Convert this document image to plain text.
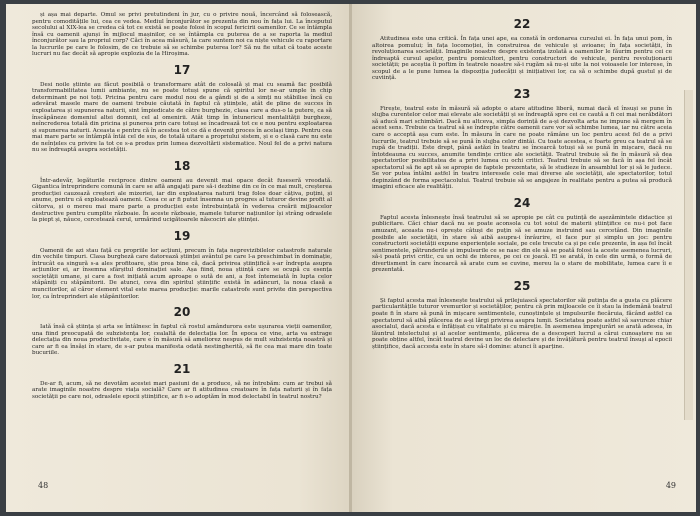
și așa mai departe. Omul se privi pretutindeni în jur, cu o privire nouă, încercând să folosească, pentru comoditățile lui, cea ce vedea. Mediul înconjurător se prezenta din nou în fața lui. La începutul secolului al XIX-lea se credea că tot ce există se poate folosi în scopul fericirii oamenilor. Ce se întâmpla însă cu oamenii ajunși în mijlocul mașinilor, ce se întâmpla cu puterea de a se raporta la mediul înconjurător sau la propriul corp? Căci în acea măsură, la care suntem noi ca niște vehicule cu raportare la lucrurile pe care le folosim, de ce trebuie să se schimbe puterea lor? Să nu fie uitat că toate aceste lucruri nu fac decât să apropie explozia de la Hiroșima.
17
Desi noile știinte au făcut posibilă o transformare atât de colosală și mai cu seamă fac posibilă transformabilitatea lumii ambiante, nu se poate totuși spune că spiritul lor ne-ar umple în chip determinant pe noi toți. Pricina pentru care modul nou de a gândi și de a simți nu stăbilise încă cu adevărat masele mare de oameni trebuie căutată în faptul că științele, atât de pline de succes în exploatarea și supunerea naturii, sint împiedicate de către burghezie, clasa care a dus-o la putere, ca să înscăpăneze domeniul altei domnii, cel al omenirii. Atât timp în întunericul mentalității burgheze, neîncrederea totală din pricina și punerea prin care totuși se încadrează tot ce e nou pentru exploatarea și supunerea naturii. Aceasta e pentru că în acestea tot ce dă e devenit proces în același timp. Pentru cea mai mare parte se întâmplă întâi cel de sus, de totală uitare a propriului sistem, și e o clasă care nu este de neînțeles cu privire la tot ce s-a produs prin lumea dezvoltării sistematice. Noul fel de a privi natura nu se îndreaptă asupra societății.
18
Într-adevăr, legăturile reciproce dintre oameni au devenit mai opace decât fuseseră vreodată. Gigantica întreprindere comună în care se află angajați pare să-i dezbine din ce în ce mai mult, creșterea producției cauzează creșteri ale mizeriei, iar din exploatarea naturii trag folos doar câțiva, puțini, și anume, pentru că exploatează oameni. Ceea ce ar fi putut însemna un progres al tuturor devine profit al câtorva, și o mereu mai mare parte a producției este întrebuințată în vederea creării mijloacelor destructive pentru cumplite războaie. În aceste războaie, mamele tuturor națiunilor își strâng odraslele la piept și, năuce, cercetează cerul, urmărind ucigătoarele născociri ale științei.
19
Oamenii de azi stau față cu propriile lor acțiuni, precum în fața neprevizibilelor catastrofe naturale din vechile timpuri. Clasa burgheză care datorează științei avântul pe care l-a preschimbat în dominație, întrucât ea singură s-a ales profitoare, știe prea bine că, dacă privirea științifică s-ar îndrepta asupra acțiunilor ei, ar însemna sfârșitul dominației sale. Așa fiind, noua știință care se ocupă cu esența societății umane, și care a fost inițiată acum aproape o sută de ani, a fost întemeiată în lupta celor stăpâniți cu stăpânitorii. De atunci, ceva din spiritul științific există în adâncuri, la noua clasă a muncitorilor, al căror element vital este marea producție: marile catastrofe sunt privite din perspectiva lor, ca întreprinderi ale stăpânitorilor.
20
Iată însă că știința și arta se întâlnesc în faptul că rostul amândurora este ușurarea vieții oamenilor, una fiind preocupată de subzistența lor, cealaltă de delectația lor. În epoca ce vine, arta va extrage delectația din noua productivitate, care e în măsură să ameliorez nespus de mult subzistența noastră și care ar fi ea însăși în stare, de s-ar putea manifesta odată nestingherită, să fie cea mai mare din toate bucuriile.
21
De-ar fi, acum, să ne devotăm acestei mari pasiuni de a produce, să ne întrebăm: cum ar trebui să arate imaginile noastre despre viața socială? Care ar fi atitudinea creatoare în fața naturii și în fața societății pe care noi, odraslele epocii științifice, ar fi s-o adoptăm în mod delectabil în teatrul nostru?
48
22
Atitudinea este una critică. În fața unei ape, ea constă în ordonarea cursului ei. În fața unui pom, în altoirea pomului; în fața locomoției, în construirea de vehicule și avioane; în fața societății, în revoluționarea societății. Imaginile noastre despre existența izolată a oamenilor le făurim pentru cei ce îndreaptă cursul apelor, pentru pomicultori, pentru constructori de vehicule, pentru revoluționarii societății; pe aceștia îi poftim în teatrele noastre să-i rugăm să nu-și uite la noi voioasele lor interese, în scopul de a le pune lumea la dispoziția judecății și iniițiativei lor, ca să o schimbe după gustul și de cuviință.
23
Firește, teatrul este în măsură să adopte o atare atitudine liberă, numai dacă el însuși se pune în slujba curentelor celor mai elevate ale societății și se îndreaptă spre cei ce caută a fi cei mai nerăbdători să aducă mari schimbări. Dacă nu altceva, simpla dorință de a-și dezvolta arta ne impune să mergem în acest sens. Trebuie ca teatrul să se îndrepte către oamenii care vor să schimbe lumea, iar nu către aceia care o acceptă așa cum este. În măsura în care ne poate rămâne un loc pentru acest fel de a privi lucrurile, teatrul trebuie să se pună în slujba celor dintâi. Cu toate acestea, e foarte greu ca teatrul să se rupă de tradiții. Este drept, până astăzi în teatru se încearcă totuși să se pună în mișcare, dacă nu întotdeauna cu succes, anumite tendințe critice ale societății. Teatrul trebuie să fie în măsură să dea spectatorilor posibilitatea de a privi lumea cu ochi critici. Teatrul trebuie să se facă în așa fel încât spectatorul să fie apt să se apropie de faptele prezentate, să le studieze în ansamblul lor și să le judece. Se vor putea întâlni astfel în teatru interesele cele mai diverse ale societății, ale spectatorilor, totul depinzând de forma spectacolului. Teatrul trebuie să se angajeze în realitate pentru a putea să producă imagini eficace ale realității.
24
Faptul acesta înlesnește însă teatrului să se apropie pe cât cu putință de așezămintele didactice și publicitare. Căci chiar dacă nu se poate aconsola cu tot soiul de materii științifice ce nu-i pot face amuzant, aceasta nu-i oprește câtuși de puțin să se amuze instruind sau cercetând. Din imaginile posibile ale societății, în stare să aibă asupra-i înrâurire, el face pur și simplu un joc: pentru constructorii societății expune experiențele sociale, pe cele trecute ca și pe cele prezente, în așa fel încât sentimentele, pătrunderile și impulsurile ce se nasc din ele să se poată folosi la aceste asemenea lucruri, să-i poată privi critic, cu un ochi de interes, pe cei ce joacă. El se arată, în cele din urmă, o formă de divertisment în care încearcă să arate cum se cuvine, mereu la o stare de mobilitate, lumea care îi e prezentată.
25
Și faptul acesta mai înlesnește teatrului să prilejuiască spectatorilor săi putința de a gusta cu plăcere particularitățile tuturor vremurilor și societăților, pentru că prin mijloacele ce îi stau la îndemână teatrul poate fi în stare să pună în mișcare sentimentele, cunoștințele și impulsurile fiecăruia, făcând astfel ca spectatorul să aibă plăcerea de a-și lărgi privirea asupra lumii. Societatea poate astfel să savureze chiar asocialul, dacă acesta e înfățișat cu vitalitate și cu măreție. În asemenea împrejurări se arată adesea, în lăuntrul intelectului și al acelor sentimente, plăcerea de a descoperi lucrul a cărui cunoaștere nu se poate obține altfel, încât teatrul devine un loc de delectare și de învățătură pentru teatrul însuși al epocii științifice, dacă accesta este în stare să-l domine: atunci îi aparține.
49
